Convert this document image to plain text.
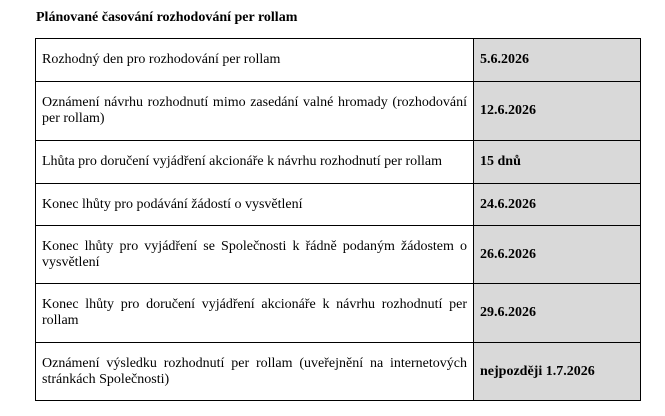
Plánované časování rozhodování per rollam
Rozhodný den pro rozhodování per rollam	5.6.2026
Oznámení návrhu rozhodnutí mimo zasedání valné hromady (rozhodování per rollam)	12.6.2026
Lhůta pro doručení vyjádření akcionáře k návrhu rozhodnutí per rollam	15 dnů
Konec lhůty pro podávání žádostí o vysvětlení	24.6.2026
Konec lhůty pro vyjádření se Společnosti k řádně podaným žádostem o vysvětlení	26.6.2026
Konec lhůty pro doručení vyjádření akcionáře k návrhu rozhodnutí per rollam	29.6.2026
Oznámení výsledku rozhodnutí per rollam (uveřejnění na internetových stránkách Společnosti)	nejpozději 1.7.2026
